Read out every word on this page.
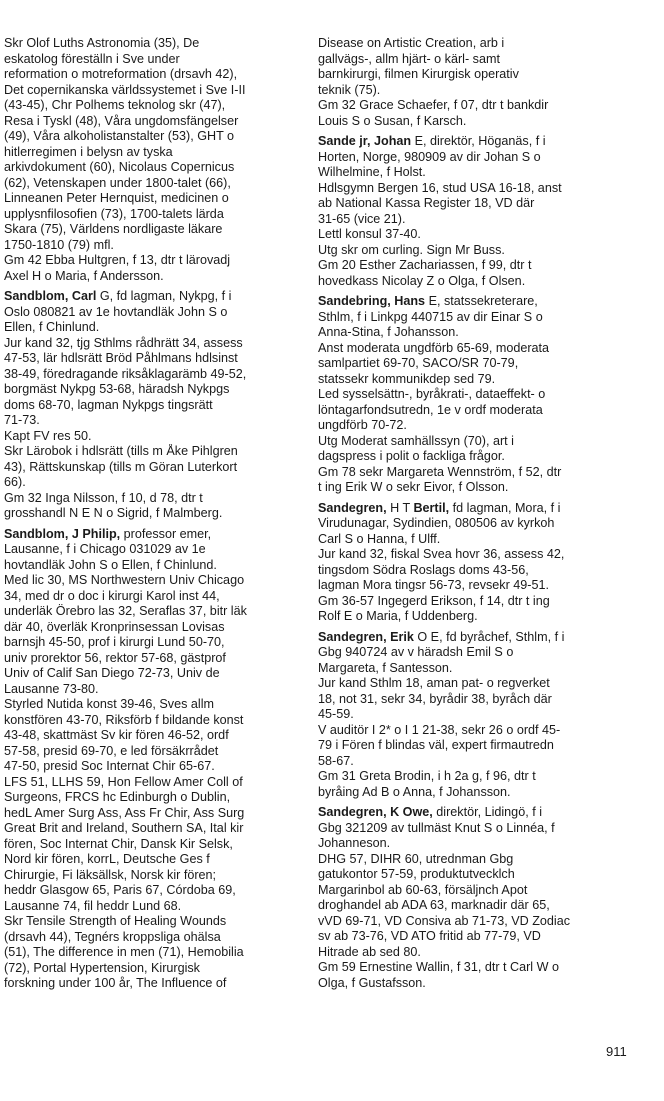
Skr Olof Luths Astronomia (35), De
eskatolog föreställn i Sve under
reformation o motreformation (drsavh 42),
Det copernikanska världssystemet i Sve I-II
(43-45), Chr Polhems teknolog skr (47),
Resa i Tyskl (48), Våra ungdomsfängelser
(49), Våra alkoholistanstalter (53), GHT o
hitlerregimen i belysn av tyska
arkivdokument (60), Nicolaus Copernicus
(62), Vetenskapen under 1800-talet (66),
Linneanen Peter Hernquist, medicinen o
upplysnfilosofien (73), 1700-talets lärda
Skara (75), Världens nordligaste läkare
1750-1810 (79) mfl.
Gm 42 Ebba Hultgren, f 13, dtr t lärovadj
Axel H o Maria, f Andersson.
Sandblom, Carl G, fd lagman, Nykpg, f i
Oslo 080821 av 1e hovtandläk John S o
Ellen, f Chinlund.
Jur kand 32, tjg Sthlms rådhrätt 34, assess
47-53, lär hdlsrätt Bröd Påhlmans hdlsinst
38-49, föredragande riksåklagarämb 49-52,
borgmäst Nykpg 53-68, häradsh Nykpgs
doms 68-70, lagman Nykpgs tingsrätt
71-73.
Kapt FV res 50.
Skr Lärobok i hdlsrätt (tills m Åke Pihlgren
43), Rättskunskap (tills m Göran Luterkort
66).
Gm 32 Inga Nilsson, f 10, d 78, dtr t
grosshandl N E N o Sigrid, f Malmberg.
Sandblom, J Philip, professor emer,
Lausanne, f i Chicago 031029 av 1e
hovtandläk John S o Ellen, f Chinlund.
Med lic 30, MS Northwestern Univ Chicago
34, med dr o doc i kirurgi Karol inst 44,
underläk Örebro las 32, Seraflas 37, bitr läk
där 40, överläk Kronprinsessan Lovisas
barnsjh 45-50, prof i kirurgi Lund 50-70,
univ prorektor 56, rektor 57-68, gästprof
Univ of Calif San Diego 72-73, Univ de
Lausanne 73-80.
Styrled Nutida konst 39-46, Sves allm
konstfören 43-70, Riksförb f bildande konst
43-48, skattmäst Sv kir fören 46-52, ordf
57-58, presid 69-70, e led försäkrrådet
47-50, presid Soc Internat Chir 65-67.
LFS 51, LLHS 59, Hon Fellow Amer Coll of
Surgeons, FRCS hc Edinburgh o Dublin,
hedL Amer Surg Ass, Ass Fr Chir, Ass Surg
Great Brit and Ireland, Southern SA, Ital kir
fören, Soc Internat Chir, Dansk Kir Selsk,
Nord kir fören, korrL, Deutsche Ges f
Chirurgie, Fi läksällsk, Norsk kir fören;
heddr Glasgow 65, Paris 67, Córdoba 69,
Lausanne 74, fil heddr Lund 68.
Skr Tensile Strength of Healing Wounds
(drsavh 44), Tegnérs kroppsliga ohälsa
(51), The difference in men (71), Hemobilia
(72), Portal Hypertension, Kirurgisk
forskning under 100 år, The Influence of
Disease on Artistic Creation, arb i
gallvägs-, allm hjärt- o kärl- samt
barnkirurgi, filmen Kirurgisk operativ
teknik (75).
Gm 32 Grace Schaefer, f 07, dtr t bankdir
Louis S o Susan, f Karsch.
Sande jr, Johan E, direktör, Höganäs, f i
Horten, Norge, 980909 av dir Johan S o
Wilhelmine, f Holst.
Hdlsgymn Bergen 16, stud USA 16-18, anst
ab National Kassa Register 18, VD där
31-65 (vice 21).
Lettl konsul 37-40.
Utg skr om curling. Sign Mr Buss.
Gm 20 Esther Zachariassen, f 99, dtr t
hovedkass Nicolay Z o Olga, f Olsen.
Sandebring, Hans E, statssekreterare,
Sthlm, f i Linkpg 440715 av dir Einar S o
Anna-Stina, f Johansson.
Anst moderata ungdförb 65-69, moderata
samlpartiet 69-70, SACO/SR 70-79,
statssekr kommunikdep sed 79.
Led sysselsättn-, byråkrati-, dataeffekt- o
löntagarfondsutredn, 1e v ordf moderata
ungdförb 70-72.
Utg Moderat samhällssyn (70), art i
dagspress i polit o fackliga frågor.
Gm 78 sekr Margareta Wennström, f 52, dtr
t ing Erik W o sekr Eivor, f Olsson.
Sandegren, H T Bertil, fd lagman, Mora, f i
Virudunagar, Sydindien, 080506 av kyrkoh
Carl S o Hanna, f Ulff.
Jur kand 32, fiskal Svea hovr 36, assess 42,
tingsdom Södra Roslags doms 43-56,
lagman Mora tingsr 56-73, revsekr 49-51.
Gm 36-57 Ingegerd Erikson, f 14, dtr t ing
Rolf E o Maria, f Uddenberg.
Sandegren, Erik O E, fd byråchef, Sthlm, f i
Gbg 940724 av v häradsh Emil S o
Margareta, f Santesson.
Jur kand Sthlm 18, aman pat- o regverket
18, not 31, sekr 34, byrådir 38, byråch där
45-59.
V auditör I 2* o I 1 21-38, sekr 26 o ordf 45-
79 i Fören f blindas väl, expert firmautredn
58-67.
Gm 31 Greta Brodin, i h 2a g, f 96, dtr t
byråing Ad B o Anna, f Johansson.
Sandegren, K Owe, direktör, Lidingö, f i
Gbg 321209 av tullmäst Knut S o Linnéa, f
Johanneson.
DHG 57, DIHR 60, utrednman Gbg
gatukontor 57-59, produktutvecklch
Margarinbol ab 60-63, försäljnch Apot
droghandel ab ADA 63, marknadir där 65,
vVD 69-71, VD Consiva ab 71-73, VD Zodiac
sv ab 73-76, VD ATO fritid ab 77-79, VD
Hitrade ab sed 80.
Gm 59 Ernestine Wallin, f 31, dtr t Carl W o
Olga, f Gustafsson.
911
